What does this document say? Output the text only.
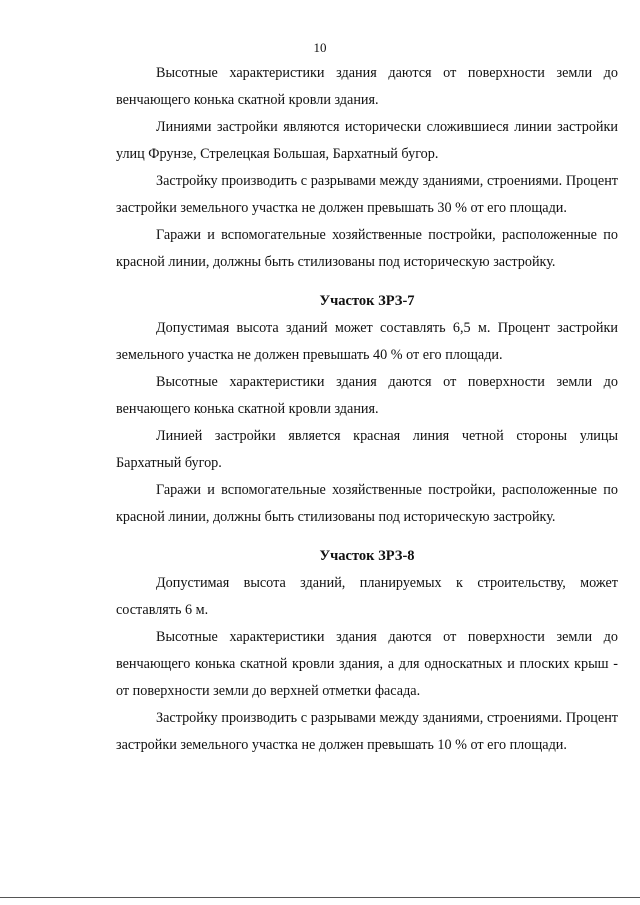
10

Высотные характеристики здания даются от поверхности земли до венчающего конька скатной кровли здания.

Линиями застройки являются исторически сложившиеся линии застройки улиц Фрунзе, Стрелецкая Большая, Бархатный бугор.

Застройку производить с разрывами между зданиями, строениями. Процент застройки земельного участка не должен превышать 30 % от его площади.

Гаражи и вспомогательные хозяйственные постройки, расположенные по красной линии, должны быть стилизованы под историческую застройку.

Участок ЗРЗ-7

Допустимая высота зданий может составлять 6,5 м. Процент застройки земельного участка не должен превышать 40 % от его площади.

Высотные характеристики здания даются от поверхности земли до венчающего конька скатной кровли здания.

Линией застройки является красная линия четной стороны улицы Бархатный бугор.

Гаражи и вспомогательные хозяйственные постройки, расположенные по красной линии, должны быть стилизованы под историческую застройку.

Участок ЗРЗ-8

Допустимая высота зданий, планируемых к строительству, может составлять 6 м.

Высотные характеристики здания даются от поверхности земли до венчающего конька скатной кровли здания, а для односкатных и плоских крыш - от поверхности земли до верхней отметки фасада.

Застройку производить с разрывами между зданиями, строениями. Процент застройки земельного участка не должен превышать 10 % от его площади.
